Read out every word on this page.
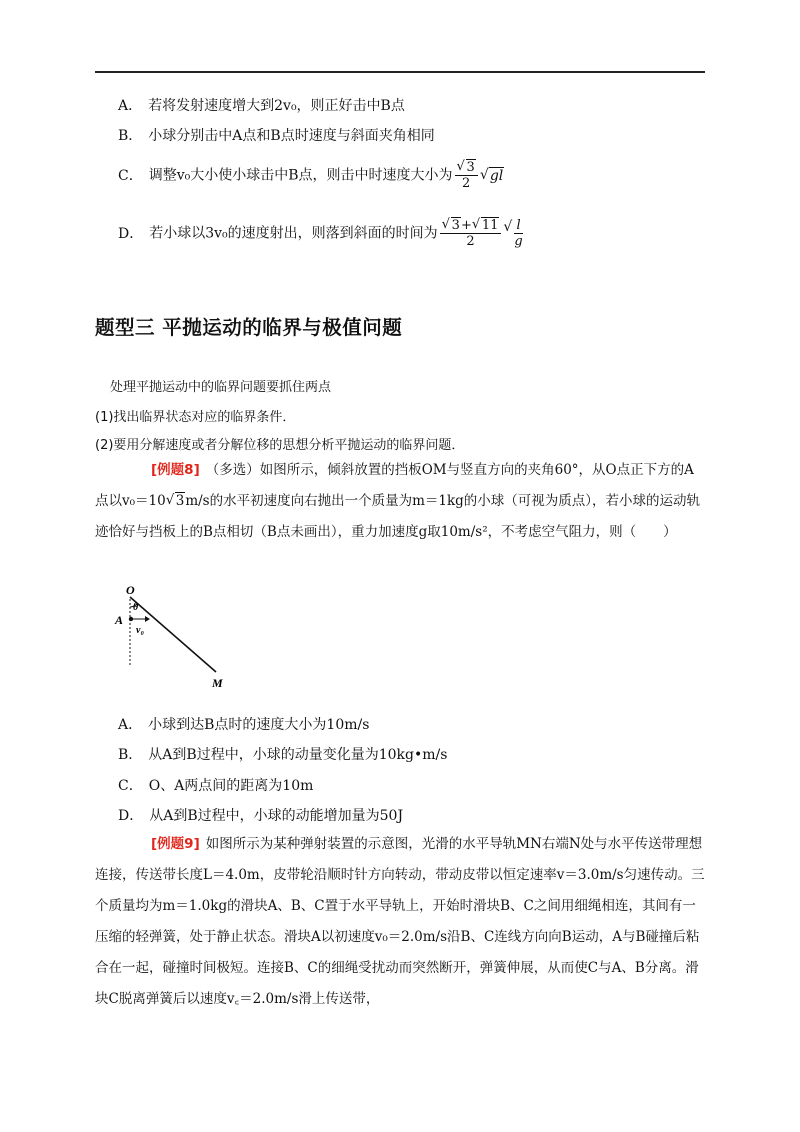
A． 若将发射速度增大到2v₀，则正好击中B点
B． 小球分别击中A点和B点时速度与斜面夹角相同
C． 调整v₀大小使小球击中B点，则击中时速度大小为 √ $\frac{3}{2}$ √ gl
D． 若小球以3v₀的速度射出，则落到斜面的时间为 √ $\frac{3+ √ 11}{2}$ √ $\frac{l}{g}$
题型三 平抛运动的临界与极值问题
处理平抛运动中的临界问题要抓住两点
(1)找出临界状态对应的临界条件．
(2)要用分解速度或者分解位移的思想分析平抛运动的临界问题．
[例题8] （多选）如图所示，倾斜放置的挡板OM与竖直方向的夹角60°，从O点正下方的A点以v₀＝10 √ 3m/s的水平初速度向右抛出一个质量为m＝1kg的小球（可视为质点），若小球的运动轨迹恰好与挡板上的B点相切（B点未画出），重力加速度g取10m/s²，不考虑空气阻力，则（　　）
O
θ
A
v₀
M
A． 小球到达B点时的速度大小为10m/s
B． 从A到B过程中，小球的动量变化量为10kg•m/s
C． O、A两点间的距离为10m
D． 从A到B过程中，小球的动能增加量为50J
[例题9] 如图所示为某种弹射装置的示意图，光滑的水平导轨MN右端N处与水平传送带理想连接，传送带长度L＝4.0m，皮带轮沿顺时针方向转动，带动皮带以恒定速率v＝3.0m/s匀速传动。三个质量均为m＝1.0kg的滑块A、B、C置于水平导轨上，开始时滑块B、C之间用细绳相连，其间有一压缩的轻弹簧，处于静止状态。滑块A以初速度v₀＝2.0m/s沿B、C连线方向向B运动，A与B碰撞后粘合在一起，碰撞时间极短。连接B、C的细绳受扰动而突然断开，弹簧伸展，从而使C与A、B分离。滑块C脱离弹簧后以速度v꜀＝2.0m/s滑上传送带，
